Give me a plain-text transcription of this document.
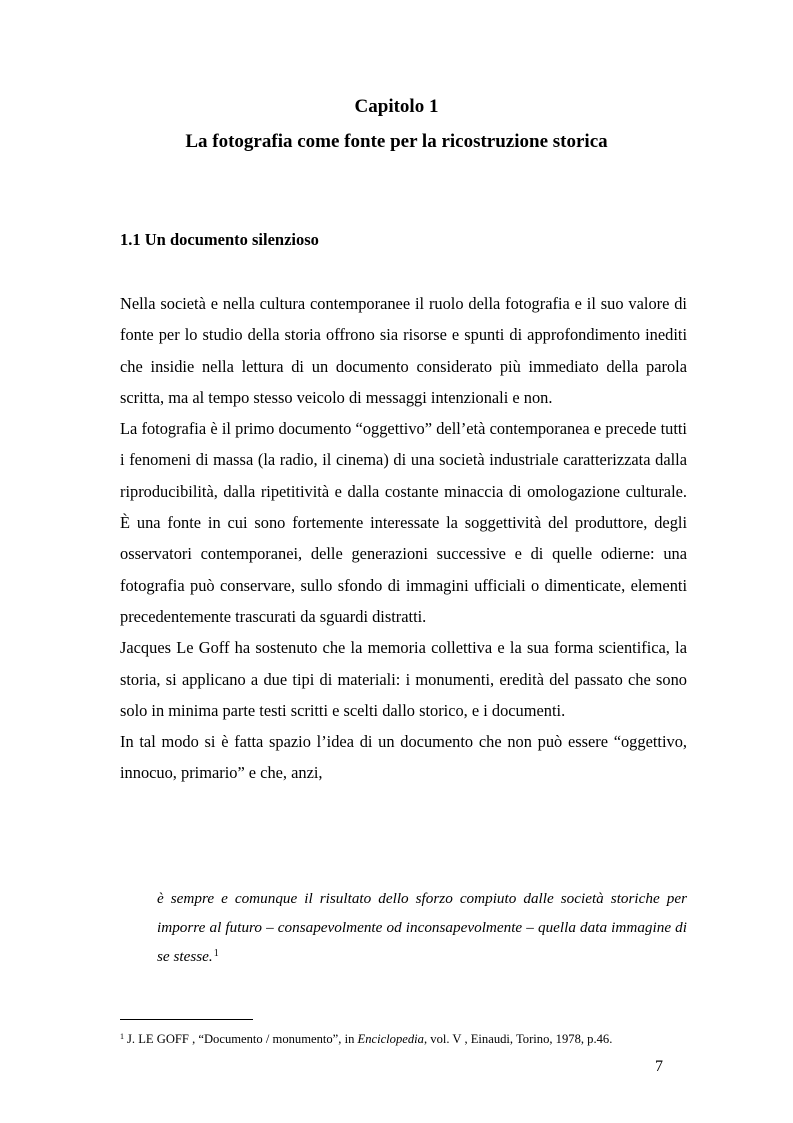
Capitolo 1
La fotografia come fonte per la ricostruzione storica
1.1 Un documento silenzioso

Nella società e nella cultura contemporanee il ruolo della fotografia e il suo valore di fonte per lo studio della storia offrono sia risorse e spunti di approfondimento inediti che insidie nella lettura di un documento considerato più immediato della parola scritta, ma al tempo stesso veicolo di messaggi intenzionali e non.

La fotografia è il primo documento “oggettivo” dell’età contemporanea e precede tutti i fenomeni di massa (la radio, il cinema) di una società industriale caratterizzata dalla riproducibilità, dalla ripetitività e dalla costante minaccia di omologazione culturale. È una fonte in cui sono fortemente interessate la soggettività del produttore, degli osservatori contemporanei, delle generazioni successive e di quelle odierne: una fotografia può conservare, sullo sfondo di immagini ufficiali o dimenticate, elementi precedentemente trascurati da sguardi distratti.

Jacques Le Goff ha sostenuto che la memoria collettiva e la sua forma scientifica, la storia, si applicano a due tipi di materiali: i monumenti, eredità del passato che sono solo in minima parte testi scritti e scelti dallo storico, e i documenti.

In tal modo si è fatta spazio l’idea di un documento che non può essere “oggettivo, innocuo, primario” e che, anzi,

è sempre e comunque il risultato dello sforzo compiuto dalle società storiche per imporre al futuro – consapevolmente od inconsapevolmente – quella data immagine di se stesse.$^1$

$^1$ J. LE GOFF , “Documento / monumento”, in Enciclopedia, vol. V , Einaudi, Torino, 1978, p.46.
7
